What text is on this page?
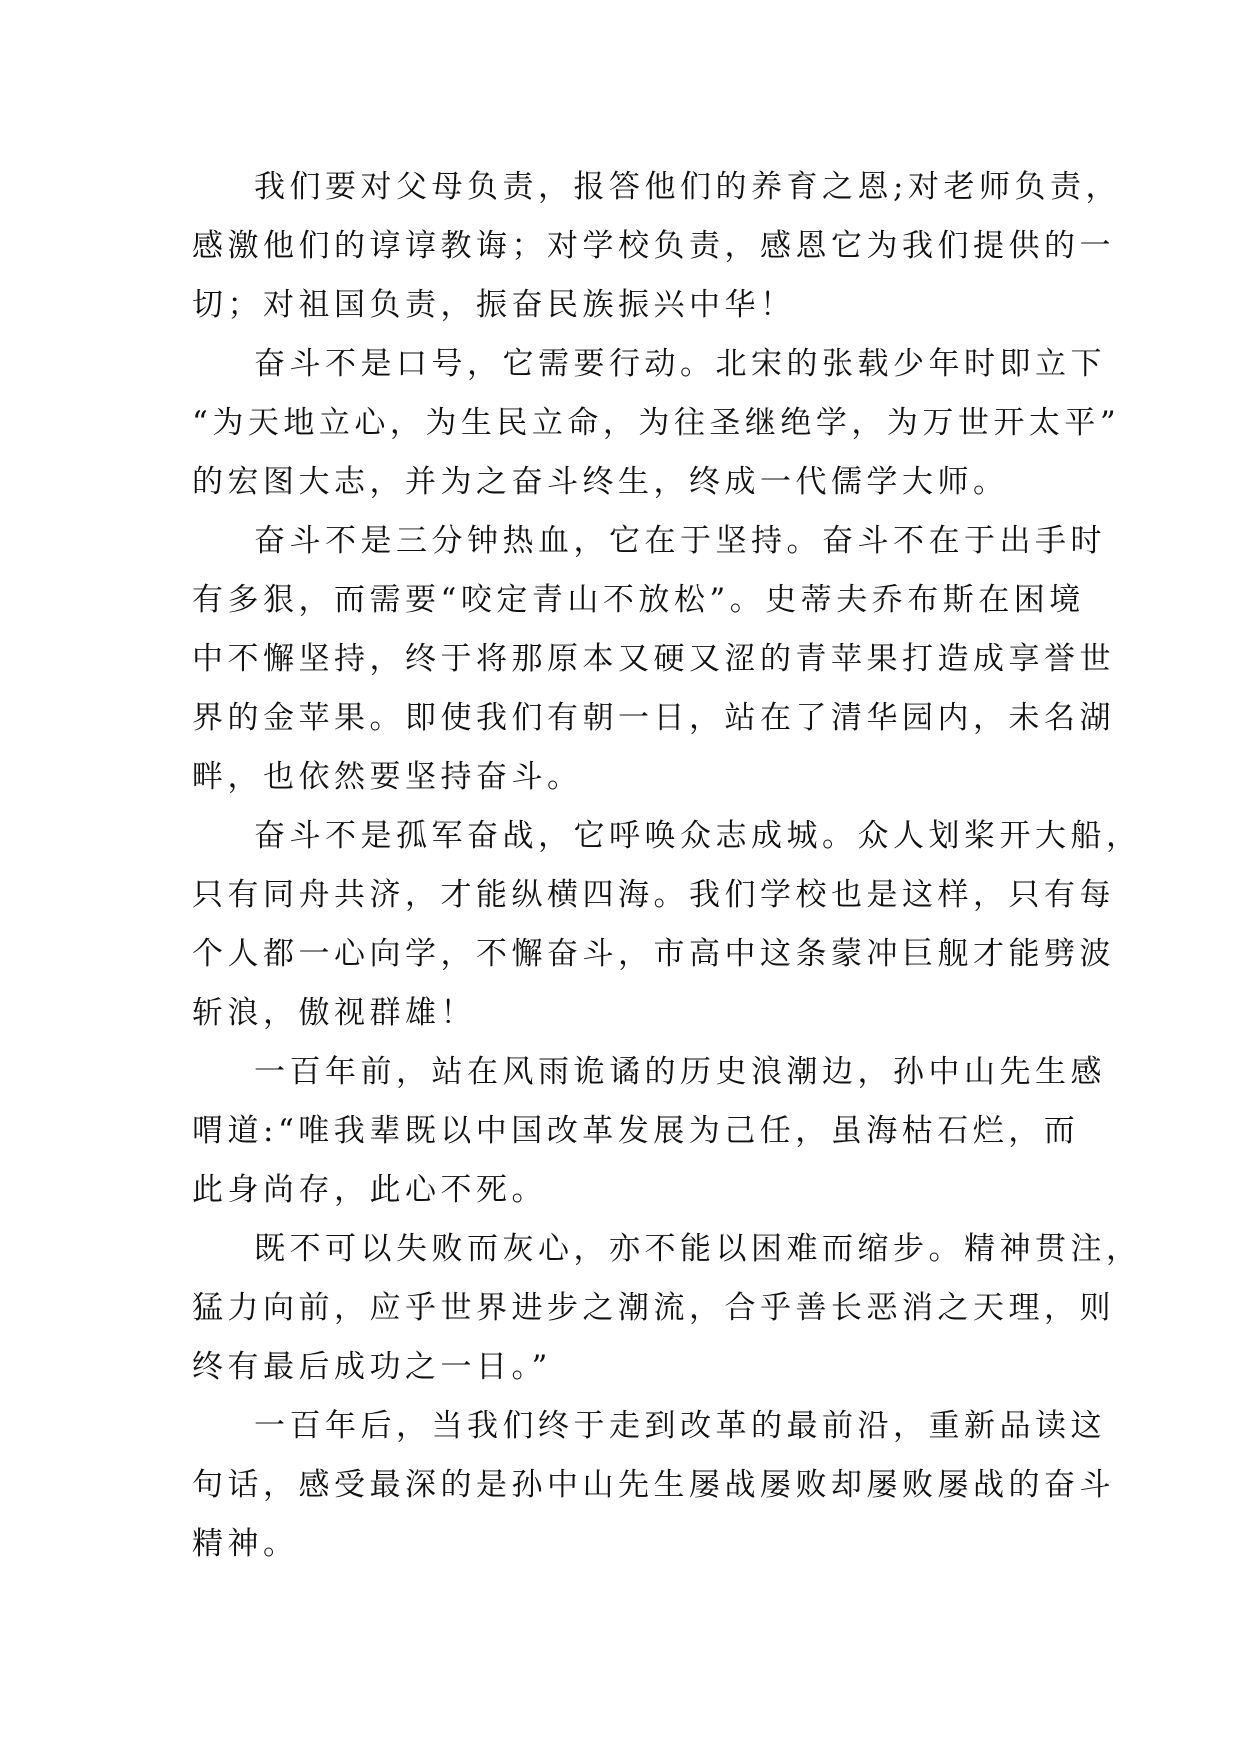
我们要对父母负责，报答他们的养育之恩;对老师负责，
感激他们的谆谆教诲；对学校负责，感恩它为我们提供的一
切；对祖国负责，振奋民族振兴中华！

奋斗不是口号，它需要行动。北宋的张载少年时即立下
“为天地立心，为生民立命，为往圣继绝学，为万世开太平”
的宏图大志，并为之奋斗终生，终成一代儒学大师。

奋斗不是三分钟热血，它在于坚持。奋斗不在于出手时
有多狠，而需要“咬定青山不放松”。史蒂夫乔布斯在困境
中不懈坚持，终于将那原本又硬又涩的青苹果打造成享誉世
界的金苹果。即使我们有朝一日，站在了清华园内，未名湖
畔，也依然要坚持奋斗。

奋斗不是孤军奋战，它呼唤众志成城。众人划桨开大船，
只有同舟共济，才能纵横四海。我们学校也是这样，只有每
个人都一心向学，不懈奋斗，市高中这条蒙冲巨舰才能劈波
斩浪，傲视群雄！

一百年前，站在风雨诡谲的历史浪潮边，孙中山先生感
喟道:“唯我辈既以中国改革发展为己任，虽海枯石烂，而
此身尚存，此心不死。

既不可以失败而灰心，亦不能以困难而缩步。精神贯注，
猛力向前，应乎世界进步之潮流，合乎善长恶消之天理，则
终有最后成功之一日。”

一百年后，当我们终于走到改革的最前沿，重新品读这
句话，感受最深的是孙中山先生屡战屡败却屡败屡战的奋斗
精神。
